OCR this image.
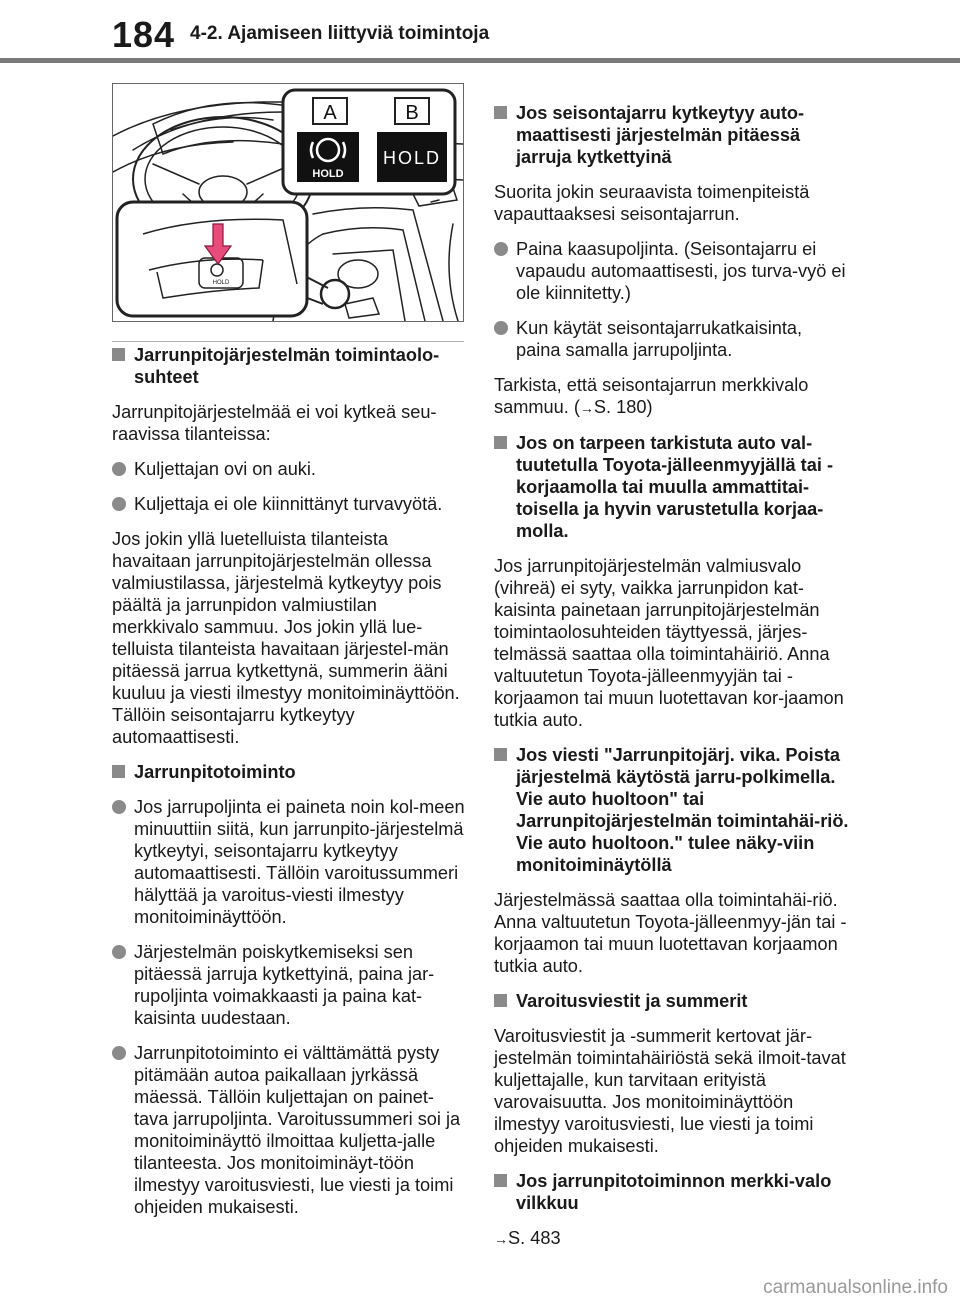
184 4-2. Ajamiseen liittyviä toimintoja
A	B
HOLD
HOLD
HOLD
Jarrunpitojärjestelmän toimintaolo-suhteet
Jarrunpitojärjestelmää ei voi kytkeä seu-raavissa tilanteissa:
Kuljettajan ovi on auki.
Kuljettaja ei ole kiinnittänyt turvavyötä.
Jos jokin yllä luetelluista tilanteista havaitaan jarrunpitojärjestelmän ollessa valmiustilassa, järjestelmä kytkeytyy pois päältä ja jarrunpidon valmiustilan merkkivalo sammuu. Jos jokin yllä lue-telluista tilanteista havaitaan järjestel-män pitäessä jarrua kytkettynä, summerin ääni kuuluu ja viesti ilmestyy monitoiminäyttöön. Tällöin seisontajarru kytkeytyy automaattisesti.
Jarrunpitotoiminto
Jos jarrupoljinta ei paineta noin kol-meen minuuttiin siitä, kun jarrunpito-järjestelmä kytkeytyi, seisontajarru kytkeytyy automaattisesti. Tällöin varoitussummeri hälyttää ja varoitus-viesti ilmestyy monitoiminäyttöön.
Järjestelmän poiskytkemiseksi sen pitäessä jarruja kytkettyinä, paina jar-rupoljinta voimakkaasti ja paina kat-kaisinta uudestaan.
Jarrunpitotoiminto ei välttämättä pysty pitämään autoa paikallaan jyrkässä mäessä. Tällöin kuljettajan on painet-tava jarrupoljinta. Varoitussummeri soi ja monitoiminäyttö ilmoittaa kuljetta-jalle tilanteesta. Jos monitoiminäyt-töön ilmestyy varoitusviesti, lue viesti ja toimi ohjeiden mukaisesti.
Jos seisontajarru kytkeytyy auto-maattisesti järjestelmän pitäessä jarruja kytkettyinä
Suorita jokin seuraavista toimenpiteistä vapauttaaksesi seisontajarrun.
Paina kaasupoljinta. (Seisontajarru ei vapaudu automaattisesti, jos turva-vyö ei ole kiinnitetty.)
Kun käytät seisontajarrukatkaisinta, paina samalla jarrupoljinta.
Tarkista, että seisontajarrun merkkivalo sammuu. (→S. 180)
Jos on tarpeen tarkistuta auto val-tuutetulla Toyota-jälleenmyyjällä tai -korjaamolla tai muulla ammattitai-toisella ja hyvin varustetulla korjaa-molla.
Jos jarrunpitojärjestelmän valmiusvalo (vihreä) ei syty, vaikka jarrunpidon kat-kaisinta painetaan jarrunpitojärjestelmän toimintaolosuhteiden täyttyessä, järjes-telmässä saattaa olla toimintahäiriö. Anna valtuutetun Toyota-jälleenmyyjän tai -korjaamon tai muun luotettavan kor-jaamon tutkia auto.
Jos viesti "Jarrunpitojärj. vika. Poista järjestelmä käytöstä jarru-polkimella. Vie auto huoltoon" tai Jarrunpitojärjestelmän toimintahäi-riö. Vie auto huoltoon." tulee näky-viin monitoiminäytöllä
Järjestelmässä saattaa olla toimintahäi-riö. Anna valtuutetun Toyota-jälleenmyy-jän tai -korjaamon tai muun luotettavan korjaamon tutkia auto.
Varoitusviestit ja summerit
Varoitusviestit ja -summerit kertovat jär-jestelmän toimintahäiriöstä sekä ilmoit-tavat kuljettajalle, kun tarvitaan erityistä varovaisuutta. Jos monitoiminäyttöön ilmestyy varoitusviesti, lue viesti ja toimi ohjeiden mukaisesti.
Jos jarrunpitotoiminnon merkki-valo vilkkuu
→S. 483
carmanualsonline.info
